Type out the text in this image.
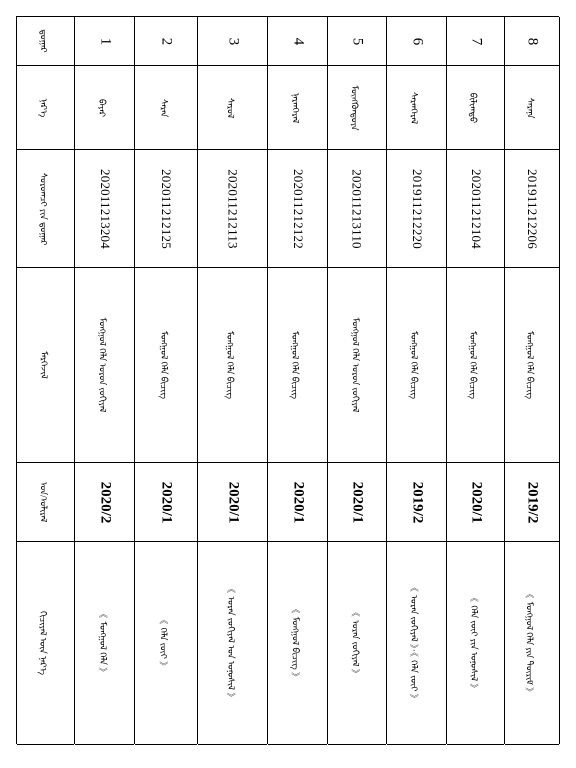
ᠳ᠋ᠤᠭᠠᠷ
ᠨᠡᠷ᠎ᠡ
ᠰᠤᠷᠤᠭᠴᠢ ᠶᠢᠨ ᠳ᠋ᠤᠭᠠᠷ
ᠮᠡᠷᠭᠡᠵᠢᠯ
ᠣᠨ/ᠤᠯᠢᠷᠠᠯ
ᠬᠢᠴᠢᠶᠡᠯ ᠦᠨ ᠨᠡᠷ᠎ᠡ
1
ᠪᠠᠶᠠᠷ
202011213204
ᠮᠣᠩᠭᠣᠯ ᠬᠡᠯᠡ ᠤᠷᠤᠨ ᠵᠣᠬᠢᠶᠠᠯ
2020/2
《 ᠮᠣᠩᠭᠣᠯ ᠬᠡᠯᠡ 》
2
ᠰᠠᠷᠠᠨ
202011212125
ᠮᠣᠩᠭᠣᠯ ᠬᠡᠯᠡ ᠪᠢᠴᠢᠭ
2020/1
《 ᠬᠡᠯᠡ ᠵᠦᠢ 》
3
ᠰᠠᠷᠣᠯ
202011212113
ᠮᠣᠩᠭᠣᠯ ᠬᠡᠯᠡ ᠪᠢᠴᠢᠭ
2020/1
《 ᠤᠷᠠᠨ ᠵᠣᠬᠢᠶᠠᠯ ᠤᠨ ᠤᠨᠤᠰᠢᠯ 》
4
ᠨᠠᠷᠠᠨᠭᠡᠷᠡᠯ
202011212122
ᠮᠣᠩᠭᠣᠯ ᠬᠡᠯᠡ ᠪᠢᠴᠢᠭ
2020/1
《 ᠮᠣᠩᠭᠣᠯ ᠪᠢᠴᠢᠭ 》
5
ᠮᠥᠩᠭᠥᠨᠲᠣᠶᠠ
202011213110
ᠮᠣᠩᠭᠣᠯ ᠬᠡᠯᠡ ᠤᠷᠤᠨ ᠵᠣᠬᠢᠶᠠᠯ
2020/1
《 ᠤᠷᠠᠨ ᠵᠣᠬᠢᠶᠠᠯ 》
6
ᠰᠠᠷᠠᠨᠭᠡᠷᠡᠯ
201911212220
ᠮᠣᠩᠭᠣᠯ ᠬᠡᠯᠡ ᠪᠢᠴᠢᠭ
2019/2
《 ᠤᠷᠠᠨ ᠵᠣᠬᠢᠶᠠᠯ 》·《 ᠬᠡᠯᠡ ᠵᠦᠢ 》
7
ᠪᠢᠯᠢᠭᠲᠤ
202011212104
ᠮᠣᠩᠭᠣᠯ ᠬᠡᠯᠡ ᠪᠢᠴᠢᠭ
2020/1
《 ᠬᠡᠯᠡ ᠵᠦᠢ ᠶᠢᠨ ᠤᠨᠤᠰᠢᠯ 》
8
ᠰᠠᠷᠠᠨᠠ
201911212206
ᠮᠣᠩᠭᠣᠯ ᠬᠡᠯᠡ ᠪᠢᠴᠢᠭ
2019/2
《 ᠮᠣᠩᠭᠣᠯ ᠬᠡᠯᠡ ᠶᠢᠨ ᠳᠦᠷᠢᠮ 》
